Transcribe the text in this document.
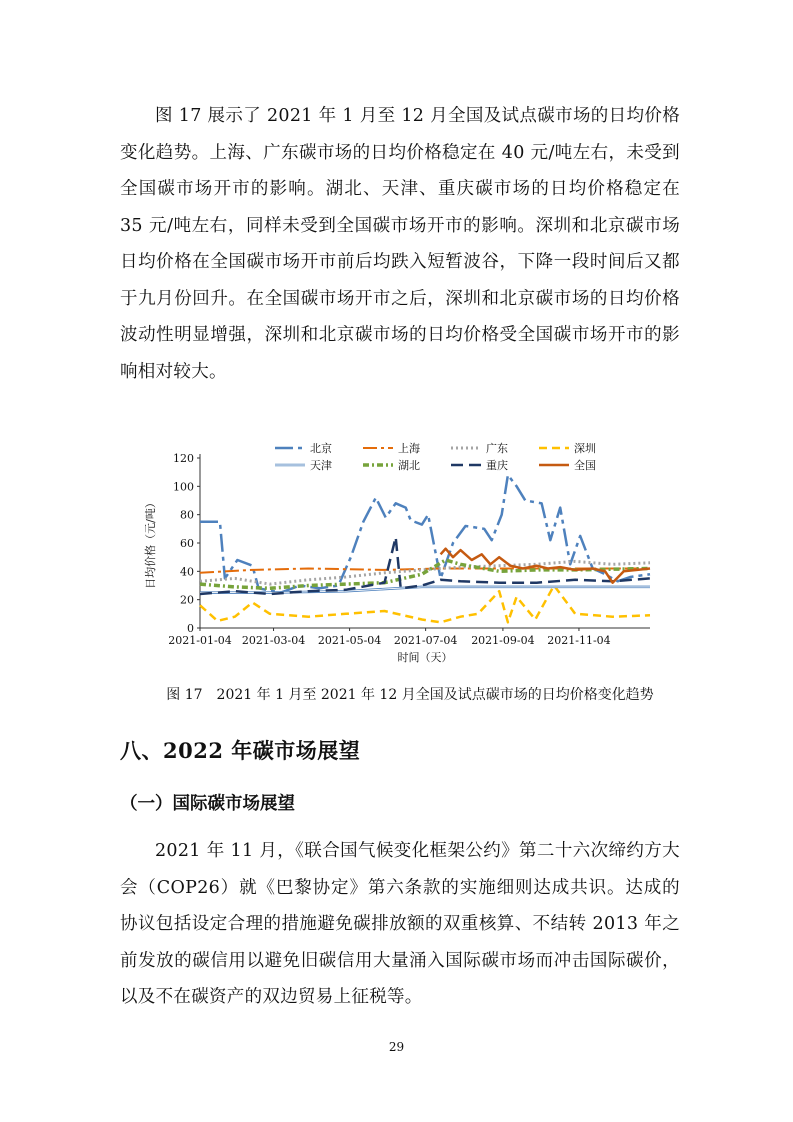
图 17 展示了 2021 年 1 月至 12 月全国及试点碳市场的日均价格变化趋势。上海、广东碳市场的日均价格稳定在 40 元/吨左右，未受到全国碳市场开市的影响。湖北、天津、重庆碳市场的日均价格稳定在 35 元/吨左右，同样未受到全国碳市场开市的影响。深圳和北京碳市场日均价格在全国碳市场开市前后均跌入短暂波谷，下降一段时间后又都于九月份回升。在全国碳市场开市之后，深圳和北京碳市场的日均价格波动性明显增强，深圳和北京碳市场的日均价格受全国碳市场开市的影响相对较大。

0
20
40
60
80
100
120
2021-01-04 2021-03-04 2021-05-04 2021-07-04 2021-09-04 2021-11-04
时间（天）
日均价格（元/吨）
北京	上海	广东	深圳
天津	湖北	重庆	全国

图 17　2021 年 1 月至 2021 年 12 月全国及试点碳市场的日均价格变化趋势

八、2022 年碳市场展望
（一）国际碳市场展望

2021 年 11 月，《联合国气候变化框架公约》第二十六次缔约方大会（COP26）就《巴黎协定》第六条款的实施细则达成共识。达成的协议包括设定合理的措施避免碳排放额的双重核算、不结转 2013 年之前发放的碳信用以避免旧碳信用大量涌入国际碳市场而冲击国际碳价，以及不在碳资产的双边贸易上征税等。

29
